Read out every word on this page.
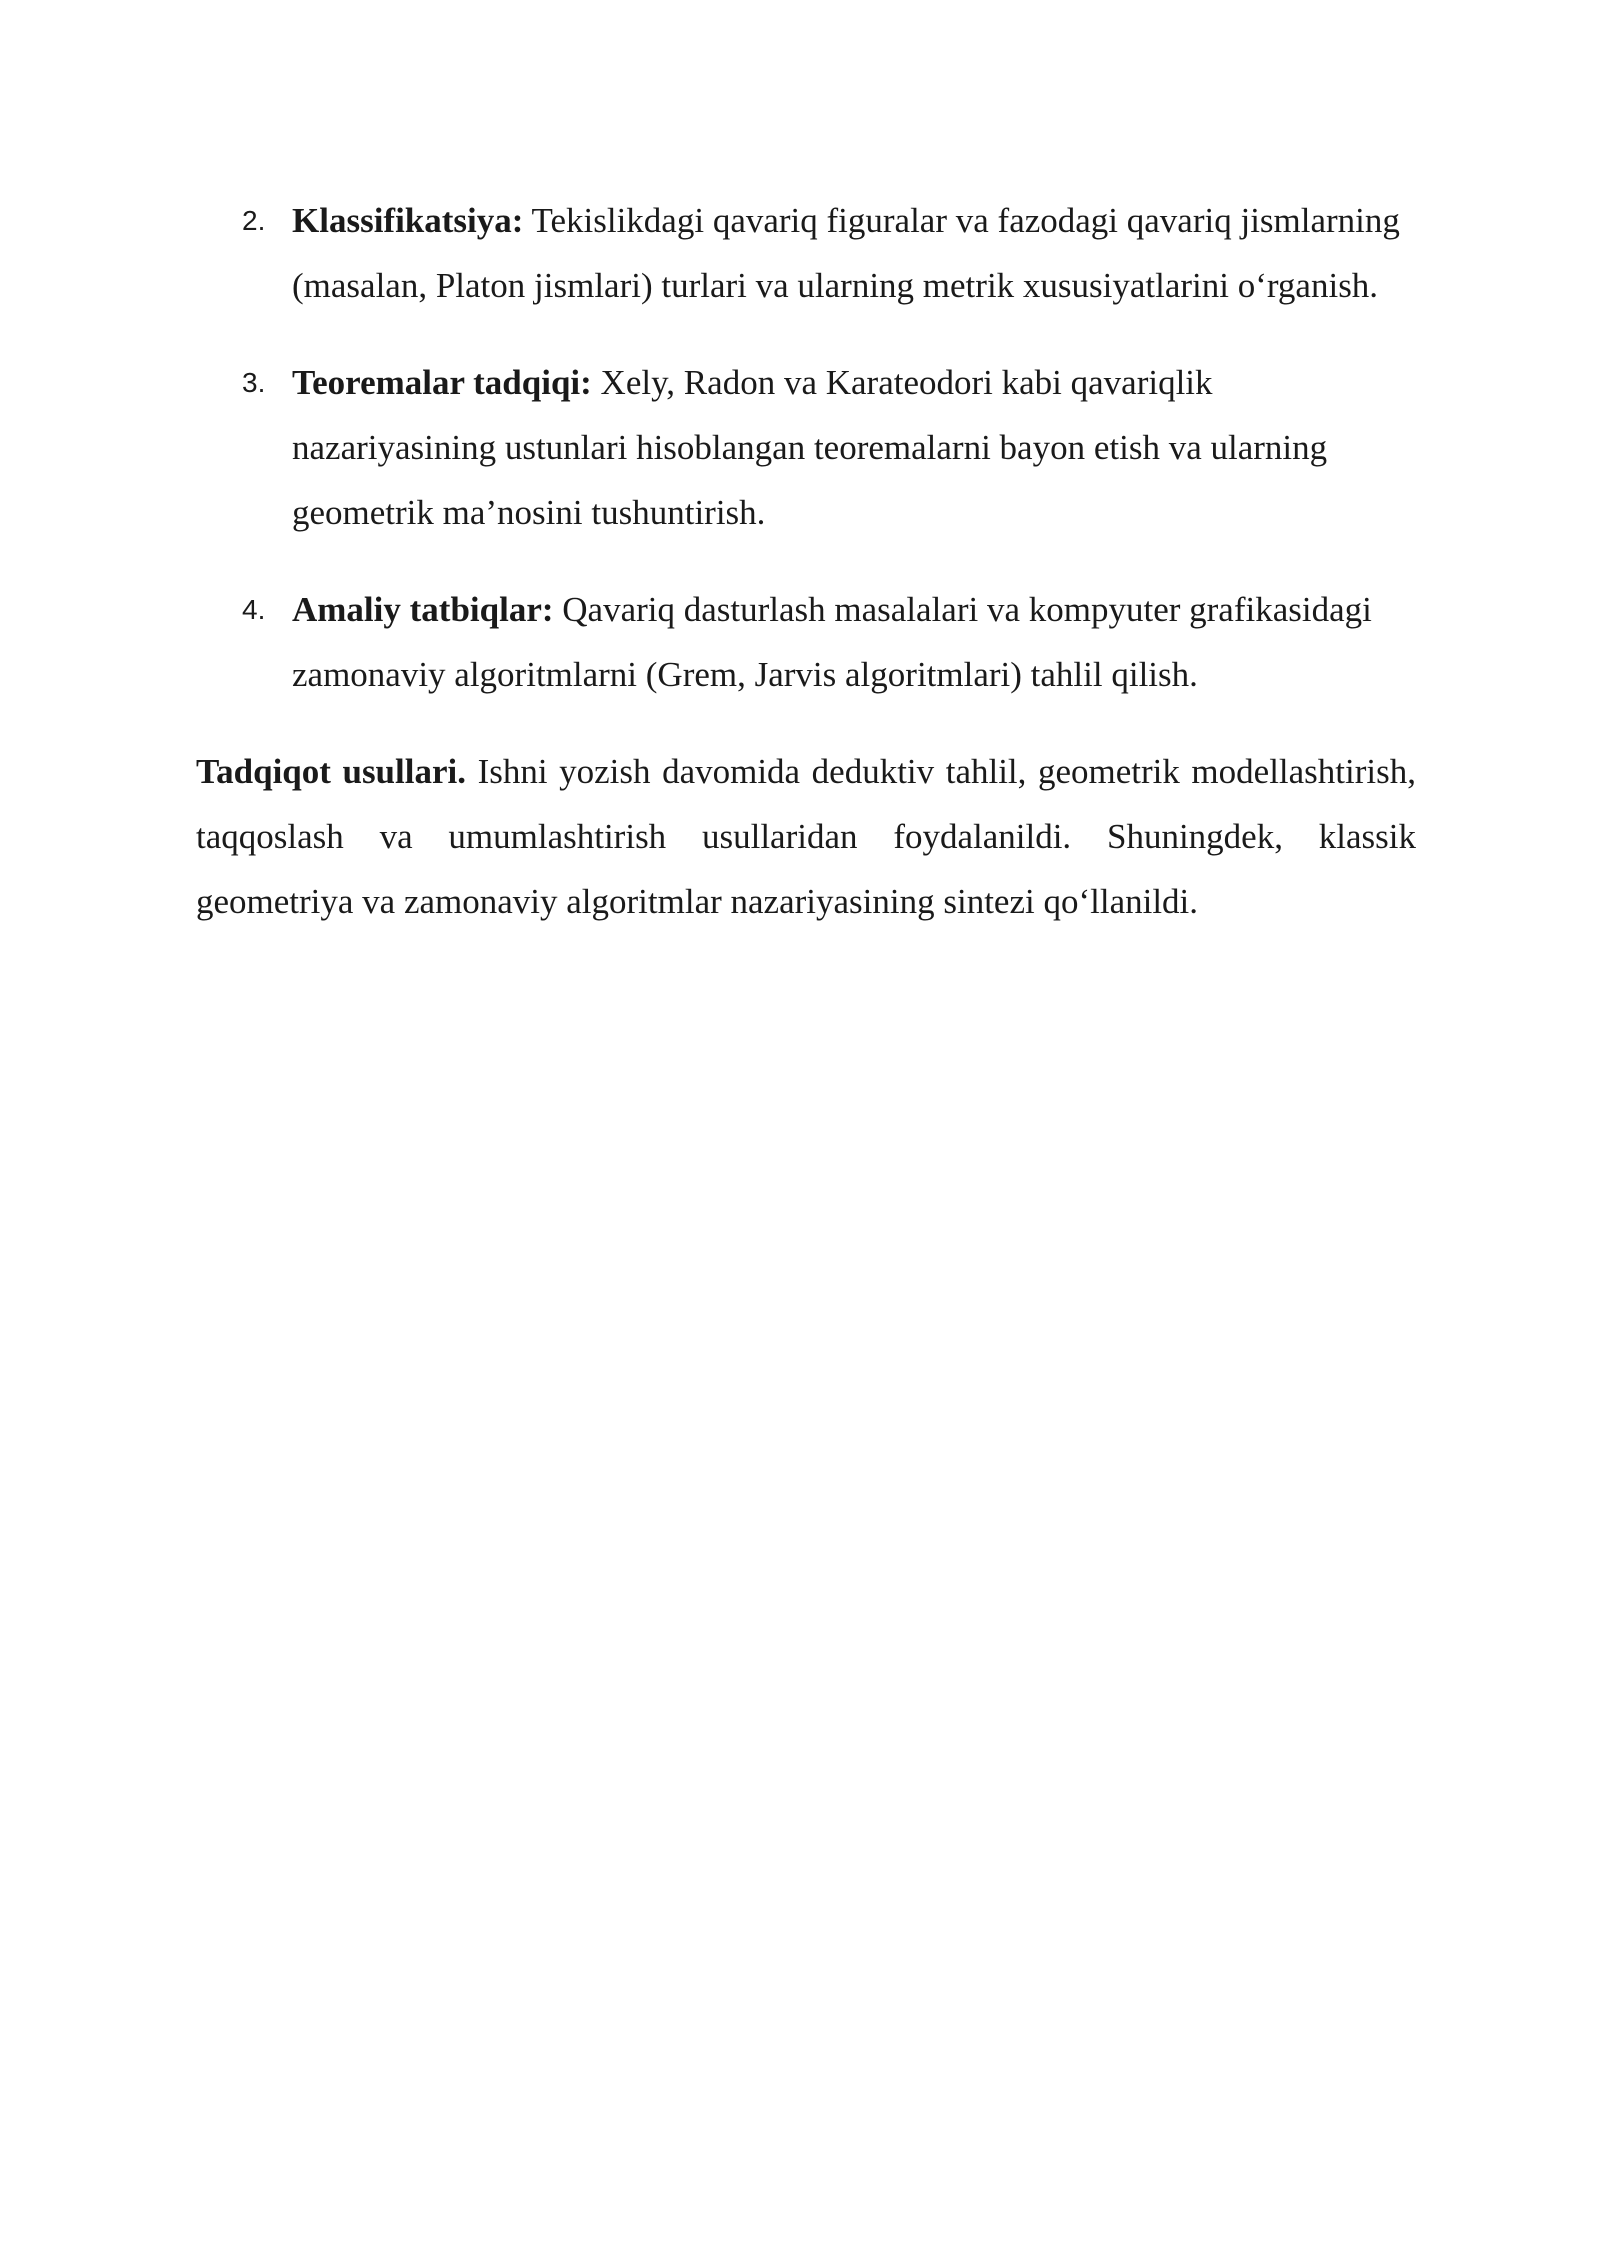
2. Klassifikatsiya: Tekislikdagi qavariq figuralar va fazodagi qavariq jismlarning (masalan, Platon jismlari) turlari va ularning metrik xususiyatlarini o‘rganish.
3. Teoremalar tadqiqi: Xely, Radon va Karateodori kabi qavariqlik nazariyasining ustunlari hisoblangan teoremalarni bayon etish va ularning geometrik ma’nosini tushuntirish.
4. Amaliy tatbiqlar: Qavariq dasturlash masalalari va kompyuter grafikasidagi zamonaviy algoritmlarni (Grem, Jarvis algoritmlari) tahlil qilish.

Tadqiqot usullari. Ishni yozish davomida deduktiv tahlil, geometrik modellashtirish, taqqoslash va umumlashtirish usullaridan foydalanildi. Shuningdek, klassik geometriya va zamonaviy algoritmlar nazariyasining sintezi qo‘llanildi.
